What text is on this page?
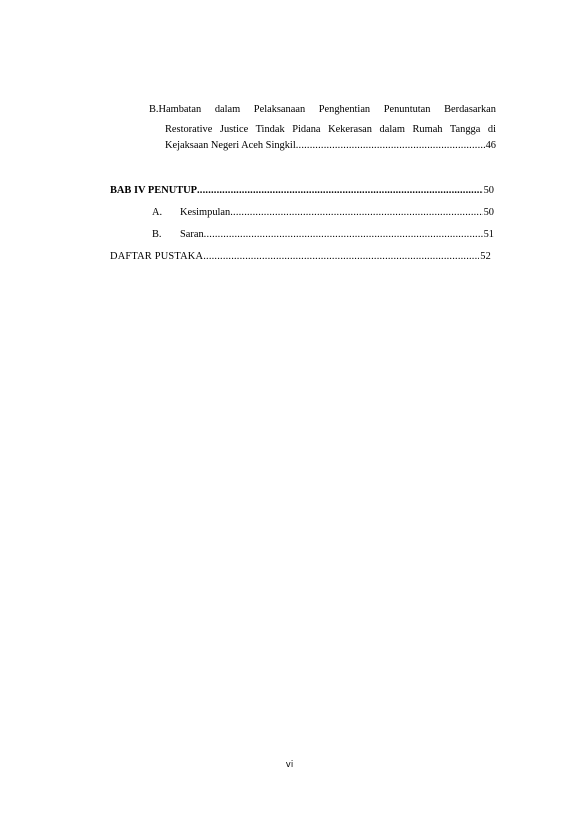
B.Hambatan dalam Pelaksanaan Penghentian Penuntutan Berdasarkan
Restorative Justice Tindak Pidana Kekerasan dalam Rumah Tangga di
Kejaksaan Negeri Aceh Singkil .....	46
BAB IV PENUTUP .....	50
A.	Kesimpulan .....	50
B.	Saran .....	51
DAFTAR PUSTAKA .....	52
vi
